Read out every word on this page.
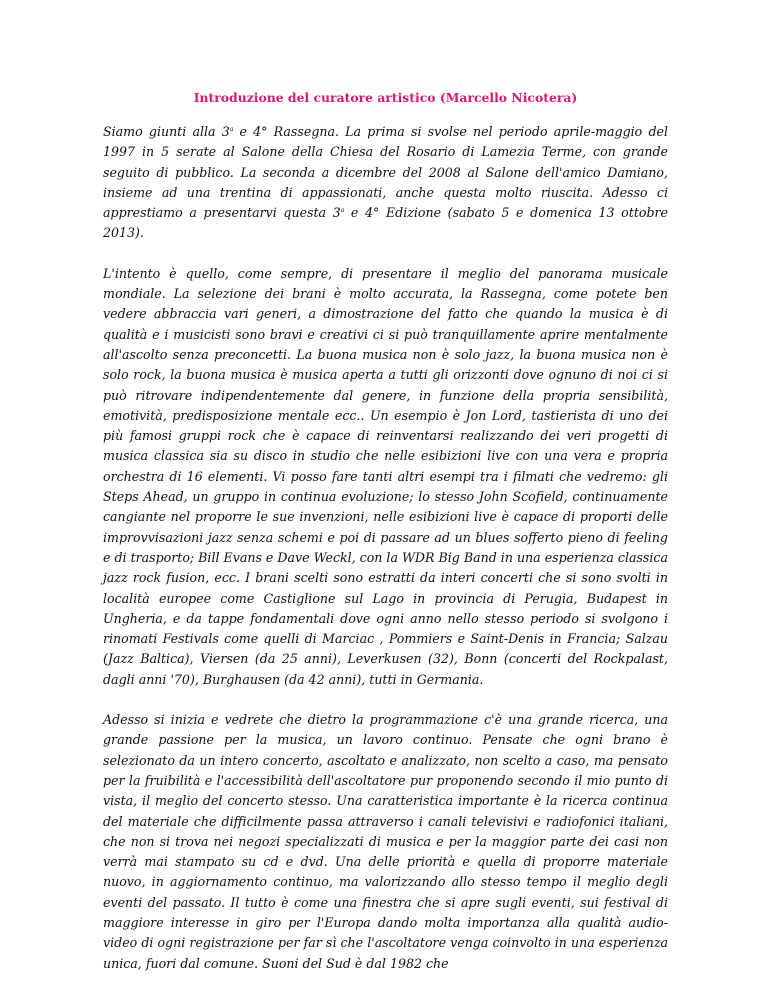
Introduzione del curatore artistico (Marcello Nicotera)

Siamo giunti alla 3$^a$ e 4° Rassegna. La prima si svolse nel periodo aprile-maggio del 1997 in 5 serate al Salone della Chiesa del Rosario di Lamezia Terme, con grande seguito di pubblico. La seconda a dicembre del 2008 al Salone dell'amico Damiano, insieme ad una trentina di appassionati, anche questa molto riuscita. Adesso ci apprestiamo a presentarvi questa 3$^a$ e 4° Edizione (sabato 5 e domenica 13 ottobre 2013).

L'intento è quello, come sempre, di presentare il meglio del panorama musicale mondiale. La selezione dei brani è molto accurata, la Rassegna, come potete ben vedere abbraccia vari generi, a dimostrazione del fatto che quando la musica è di qualità e i musicisti sono bravi e creativi ci si può tranquillamente aprire mentalmente all'ascolto senza preconcetti. La buona musica non è solo jazz, la buona musica non è solo rock, la buona musica è musica aperta a tutti gli orizzonti dove ognuno di noi ci si può ritrovare indipendentemente dal genere, in funzione della propria sensibilità, emotività, predisposizione mentale ecc.. Un esempio è Jon Lord, tastierista di uno dei più famosi gruppi rock che è capace di reinventarsi realizzando dei veri progetti di musica classica sia su disco in studio che nelle esibizioni live con una vera e propria orchestra di 16 elementi. Vi posso fare tanti altri esempi tra i filmati che vedremo: gli Steps Ahead, un gruppo in continua evoluzione; lo stesso John Scofield, continuamente cangiante nel proporre le sue invenzioni, nelle esibizioni live è capace di proporti delle improvvisazioni jazz senza schemi e poi di passare ad un blues sofferto pieno di feeling e di trasporto; Bill Evans e Dave Weckl, con la WDR Big Band in una esperienza classica jazz rock fusion, ecc. I brani scelti sono estratti da interi concerti che si sono svolti in località europee come Castiglione sul Lago in provincia di Perugia, Budapest in Ungheria, e da tappe fondamentali dove ogni anno nello stesso periodo si svolgono i rinomati Festivals come quelli di Marciac , Pommiers e Saint-Denis in Francia; Salzau (Jazz Baltica), Viersen (da 25 anni), Leverkusen (32), Bonn (concerti del Rockpalast, dagli anni '70), Burghausen (da 42 anni), tutti in Germania.

Adesso si inizia e vedrete che dietro la programmazione c'è una grande ricerca, una grande passione per la musica, un lavoro continuo. Pensate che ogni brano è selezionato da un intero concerto, ascoltato e analizzato, non scelto a caso, ma pensato per la fruibilità e l'accessibilità dell'ascoltatore pur proponendo secondo il mio punto di vista, il meglio del concerto stesso. Una caratteristica importante è la ricerca continua del materiale che difficilmente passa attraverso i canali televisivi e radiofonici italiani, che non si trova nei negozi specializzati di musica e per la maggior parte dei casi non verrà mai stampato su cd e dvd. Una delle priorità e quella di proporre materiale nuovo, in aggiornamento continuo, ma valorizzando allo stesso tempo il meglio degli eventi del passato. Il tutto è come una finestra che si apre sugli eventi, sui festival di maggiore interesse in giro per l'Europa dando molta importanza alla qualità audio-video di ogni registrazione per far sì che l'ascoltatore venga coinvolto in una esperienza unica, fuori dal comune. Suoni del Sud è dal 1982 che
